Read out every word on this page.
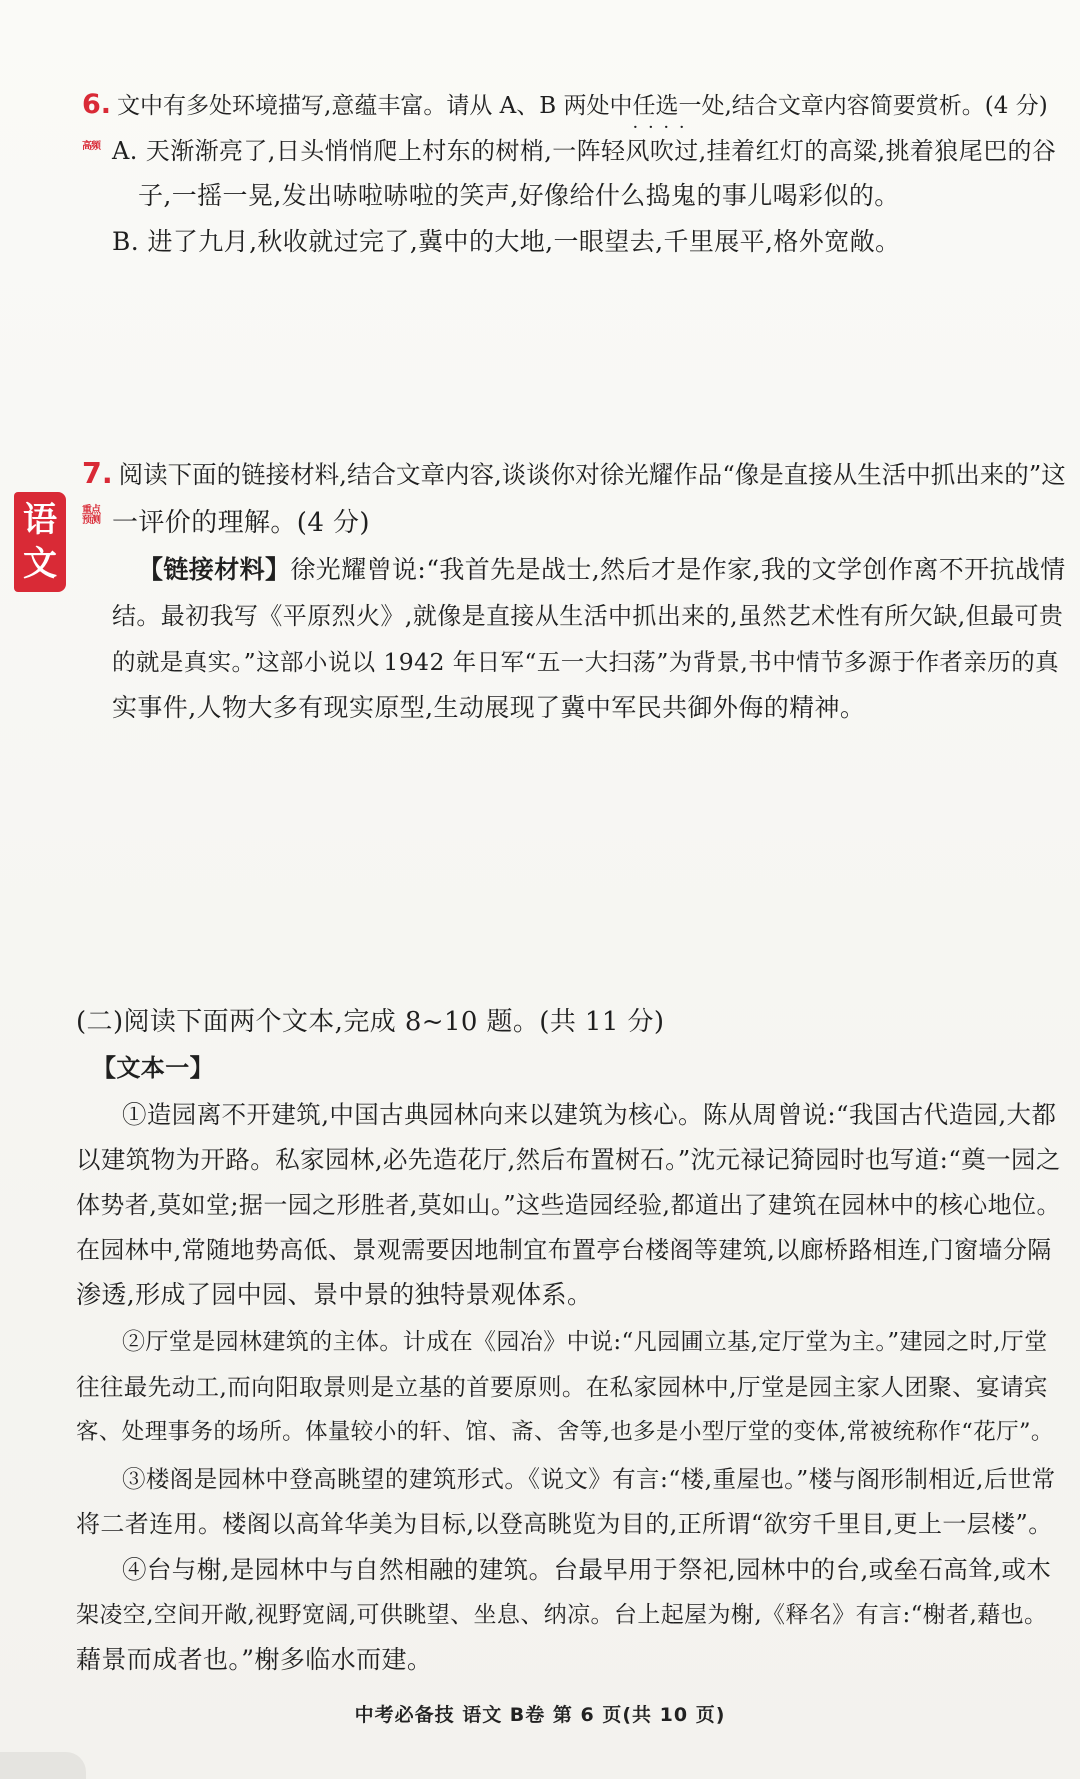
6. 文中有多处环境描写,意蕴丰富。请从 A、B 两处中 任选一处 · · · · ,结合文章内容简要赏析。(4 分)
高频 A. 天渐渐亮了,日头悄悄爬上村东的树梢,一阵轻风吹过,挂着红灯的高粱,挑着狼尾巴的谷
子,一摇一晃,发出哧啦哧啦的笑声,好像给什么捣鬼的事儿喝彩似的。
B. 进了九月,秋收就过完了,冀中的大地,一眼望去,千里展平,格外宽敞。
语
文
7. 阅读下面的链接材料,结合文章内容,谈谈你对徐光耀作品“像是直接从生活中抓出来的”这
重点
预测 一评价的理解。(4 分)
【链接材料】徐光耀曾说:“我首先是战士,然后才是作家,我的文学创作离不开抗战情
结。最初我写《平原烈火》,就像是直接从生活中抓出来的,虽然艺术性有所欠缺,但最可贵
的就是真实。”这部小说以 1942 年日军“五一大扫荡”为背景,书中情节多源于作者亲历的真
实事件,人物大多有现实原型,生动展现了冀中军民共御外侮的精神。
(二)阅读下面两个文本,完成 8~10 题。(共 11 分)
【文本一】
①造园离不开建筑,中国古典园林向来以建筑为核心。陈从周曾说:“我国古代造园,大都
以建筑物为开路。私家园林,必先造花厅,然后布置树石。”沈元禄记猗园时也写道:“奠一园之
体势者,莫如堂;据一园之形胜者,莫如山。”这些造园经验,都道出了建筑在园林中的核心地位。
在园林中,常随地势高低、景观需要因地制宜布置亭台楼阁等建筑,以廊桥路相连,门窗墙分隔
渗透,形成了园中园、景中景的独特景观体系。
②厅堂是园林建筑的主体。计成在《园冶》中说:“凡园圃立基,定厅堂为主。”建园之时,厅堂
往往最先动工,而向阳取景则是立基的首要原则。在私家园林中,厅堂是园主家人团聚、宴请宾
客、处理事务的场所。体量较小的轩、馆、斋、舍等,也多是小型厅堂的变体,常被统称作“花厅”。
③楼阁是园林中登高眺望的建筑形式。《说文》有言:“楼,重屋也。”楼与阁形制相近,后世常
将二者连用。楼阁以高耸华美为目标,以登高眺览为目的,正所谓“欲穷千里目,更上一层楼”。
④台与榭,是园林中与自然相融的建筑。台最早用于祭祀,园林中的台,或垒石高耸,或木
架凌空,空间开敞,视野宽阔,可供眺望、坐息、纳凉。台上起屋为榭,《释名》有言:“榭者,藉也。
藉景而成者也。”榭多临水而建。
中考必备技 语文 B卷 第 6 页(共 10 页)
